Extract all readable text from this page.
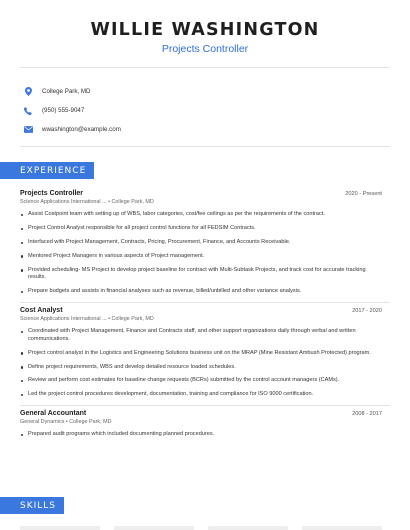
WILLIE WASHINGTON
Projects Controller
College Park, MD
(950) 555-9047
wwashington@example.com
EXPERIENCE
Projects Controller	2020 - Present
Science Applications International ... • College Park, MD
Assist Costpoint team with setting up of WBS, labor categories, cost/fee ceilings as per the requirements of the contract.
Project Control Analyst responsible for all project control functions for all FEDSIM Contracts.
Interfaced with Project Management, Contracts, Pricing, Procurement, Finance, and Accounts Receivable.
Mentored Project Managers in various aspects of Project management.
Provided scheduling- MS Project to develop project baseline for contract with Multi-Subtask Projects, and track cost for accurate tracking results.
Prepare budgets and assists in financial analyses such as revenue, billed/unbilled and other variance analysis.
Cost Analyst	2017 - 2020
Science Applications International ... • College Park, MD
Coordinated with Project Management, Finance and Contracts staff, and other support organizations daily through verbal and written communications.
Project control analyst in the Logistics and Engineering Solutions business unit on the MRAP (Mine Resistant Ambush Protected) program.
Define project requirements, WBS and develop detailed resource loaded schedules.
Review and perform cost estimates for baseline change requests (BCRs) submitted by the control account managers (CAMs).
Led the project control procedures development, documentation, training and compliance for ISO 9000 certification.
General Accountant	2008 - 2017
General Dynamics • College Park, MD
Prepared audit programs which included documenting planned procedures.
SKILLS
